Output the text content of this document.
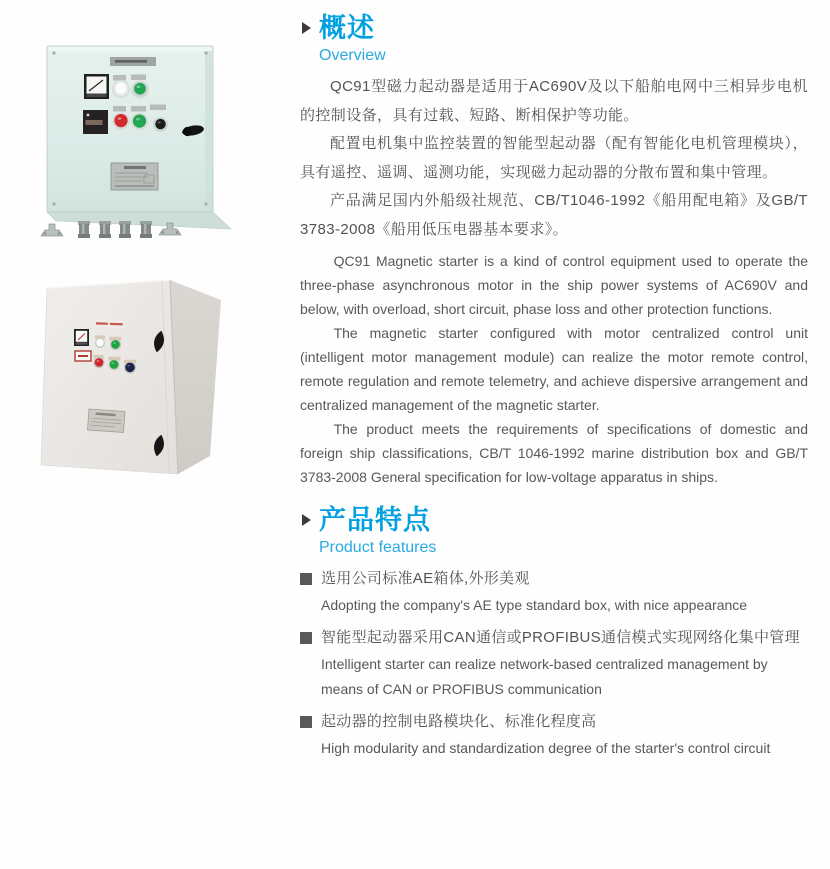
概述
Overview

QC91型磁力起动器是适用于AC690V及以下船舶电网中三相异步电机的控制设备，具有过载、短路、断相保护等功能。

配置电机集中监控装置的智能型起动器（配有智能化电机管理模块），具有遥控、遥调、遥测功能，实现磁力起动器的分散布置和集中管理。

产品满足国内外船级社规范、CB/T1046-1992《船用配电箱》及GB/T 3783-2008《船用低压电器基本要求》。

QC91 Magnetic starter is a kind of control equipment used to operate the three-phase asynchronous motor in the ship power systems of AC690V and below, with overload, short circuit, phase loss and other protection functions.

The magnetic starter configured with motor centralized control unit (intelligent motor management module) can realize the motor remote control, remote regulation and remote telemetry, and achieve dispersive arrangement and centralized management of the magnetic starter.

The product meets the requirements of specifications of domestic and foreign ship classifications, CB/T 1046-1992 marine distribution box and GB/T 3783-2008 General specification for low-voltage apparatus in ships.

产品特点
Product features
选用公司标准AE箱体,外形美观
Adopting the company's AE type standard box, with nice appearance
智能型起动器采用CAN通信或PROFIBUS通信模式实现网络化集中管理
Intelligent starter can realize network-based centralized management by means of CAN or PROFIBUS communication
起动器的控制电路模块化、标准化程度高
High modularity and standardization degree of the starter's control circuit
